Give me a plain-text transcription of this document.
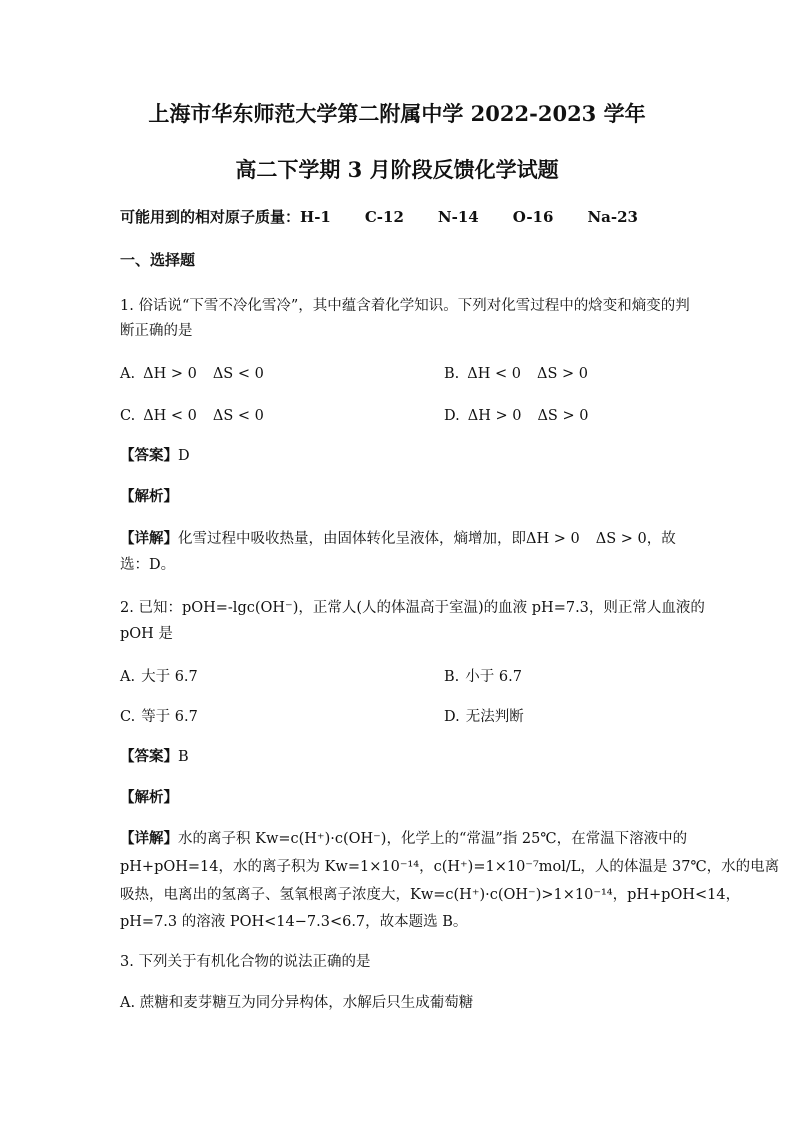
上海市华东师范大学第二附属中学 2022-2023 学年
高二下学期 3 月阶段反馈化学试题
可能用到的相对原子质量：H-1 C-12 N-14 O-16 Na-23
一、选择题
1. 俗话说“下雪不冷化雪冷”，其中蕴含着化学知识。下列对化雪过程中的焓变和熵变的判
断正确的是
A. ΔH > 0 ΔS < 0	B. ΔH < 0 ΔS > 0
C. ΔH < 0 ΔS < 0	D. ΔH > 0 ΔS > 0
【答案】D
【解析】
【详解】化雪过程中吸收热量，由固体转化呈液体，熵增加，即ΔH > 0 ΔS > 0，故
选：D。
2. 已知：pOH=-lgc(OH⁻)，正常人(人的体温高于室温)的血液 pH=7.3，则正常人血液的
pOH 是
A. 大于 6.7	B. 小于 6.7
C. 等于 6.7	D. 无法判断
【答案】B
【解析】
【详解】水的离子积 Kw=c(H⁺)·c(OH⁻)，化学上的“常温”指 25℃，在常温下溶液中的
pH+pOH=14，水的离子积为 Kw=1×10⁻¹⁴，c(H⁺)=1×10⁻⁷mol/L，人的体温是 37℃，水的电离
吸热，电离出的氢离子、氢氧根离子浓度大，Kw=c(H⁺)·c(OH⁻)>1×10⁻¹⁴，pH+pOH<14，
pH=7.3 的溶液 POH<14−7.3<6.7，故本题选 B。
3. 下列关于有机化合物的说法正确的是
A. 蔗糖和麦芽糖互为同分异构体，水解后只生成葡萄糖
